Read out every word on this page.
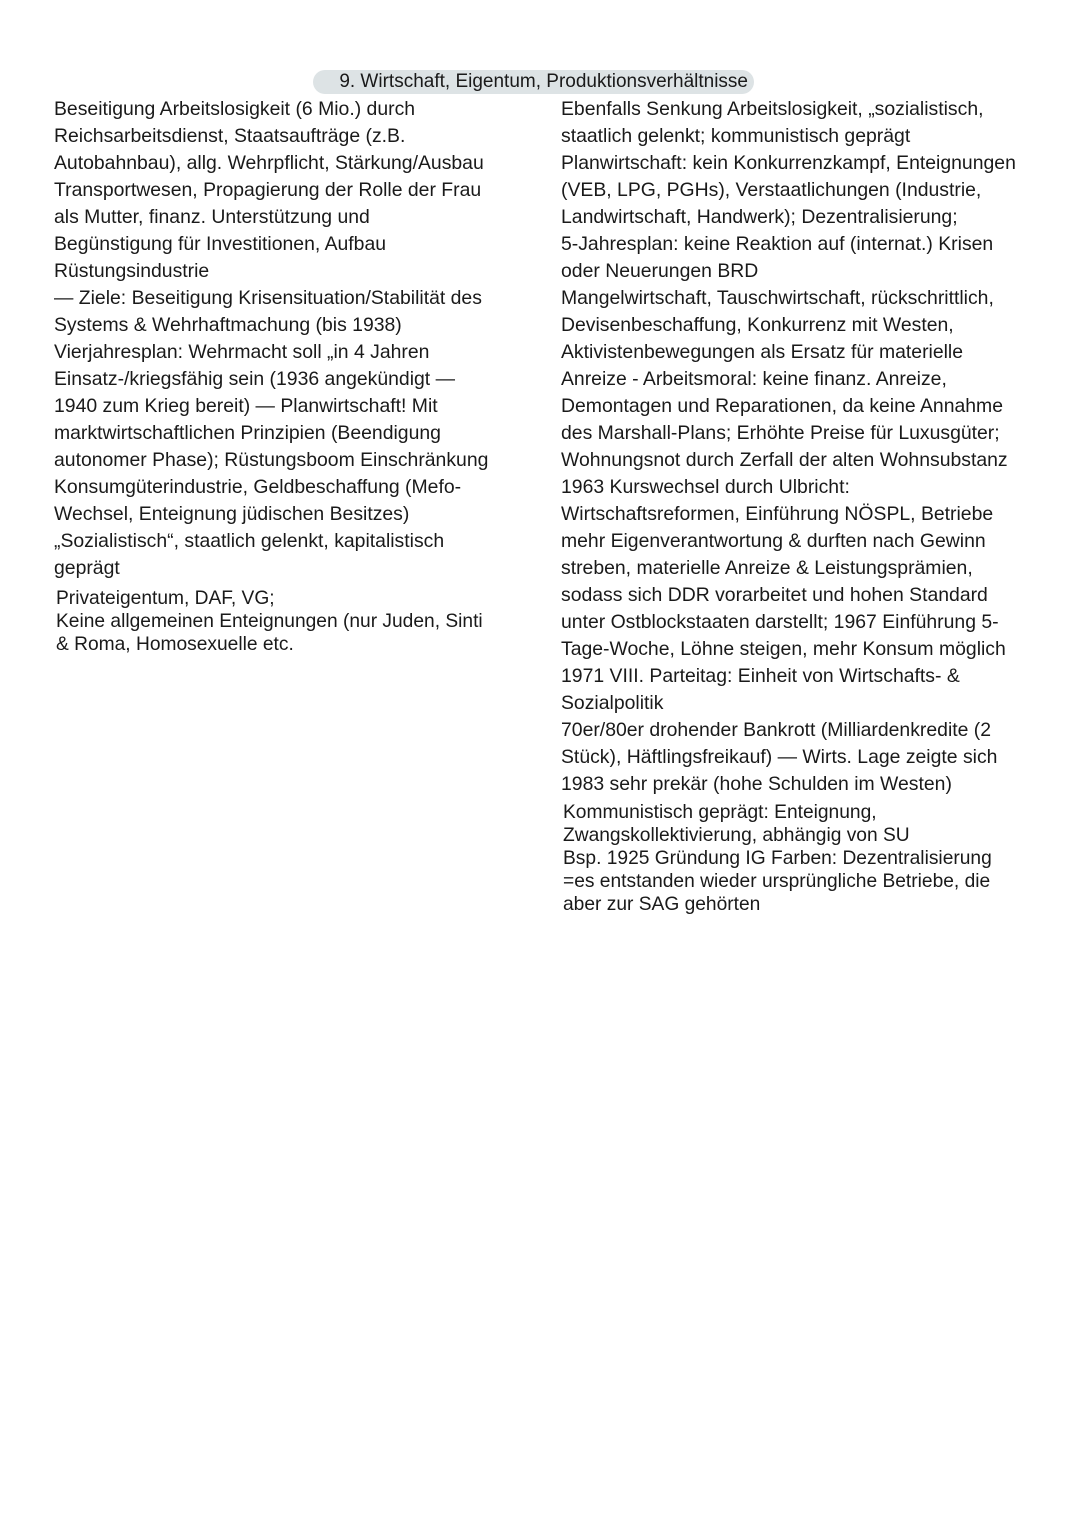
9. Wirtschaft, Eigentum, Produktionsverhältnisse
Beseitigung Arbeitslosigkeit (6 Mio.) durch
Reichsarbeitsdienst, Staatsaufträge (z.B.
Autobahnbau), allg. Wehrpflicht, Stärkung/Ausbau
Transportwesen, Propagierung der Rolle der Frau
als Mutter, finanz. Unterstützung und
Begünstigung für Investitionen, Aufbau
Rüstungsindustrie
— Ziele: Beseitigung Krisensituation/Stabilität des
Systems & Wehrhaftmachung (bis 1938)
Vierjahresplan: Wehrmacht soll „in 4 Jahren
Einsatz-/kriegsfähig sein (1936 angekündigt —
1940 zum Krieg bereit) — Planwirtschaft! Mit
marktwirtschaftlichen Prinzipien (Beendigung
autonomer Phase); Rüstungsboom Einschränkung
Konsumgüterindustrie, Geldbeschaffung (Mefo-
Wechsel, Enteignung jüdischen Besitzes)
„Sozialistisch“, staatlich gelenkt, kapitalistisch
geprägt
Privateigentum, DAF, VG;
Keine allgemeinen Enteignungen (nur Juden, Sinti
& Roma, Homosexuelle etc.
Ebenfalls Senkung Arbeitslosigkeit, „sozialistisch,
staatlich gelenkt; kommunistisch geprägt
Planwirtschaft: kein Konkurrenzkampf, Enteignungen
(VEB, LPG, PGHs), Verstaatlichungen (Industrie,
Landwirtschaft, Handwerk); Dezentralisierung;
5-Jahresplan: keine Reaktion auf (internat.) Krisen
oder Neuerungen BRD
Mangelwirtschaft, Tauschwirtschaft, rückschrittlich,
Devisenbeschaffung, Konkurrenz mit Westen,
Aktivistenbewegungen als Ersatz für materielle
Anreize - Arbeitsmoral: keine finanz. Anreize,
Demontagen und Reparationen, da keine Annahme
des Marshall-Plans; Erhöhte Preise für Luxusgüter;
Wohnungsnot durch Zerfall der alten Wohnsubstanz
1963 Kurswechsel durch Ulbricht:
Wirtschaftsreformen, Einführung NÖSPL, Betriebe
mehr Eigenverantwortung & durften nach Gewinn
streben, materielle Anreize & Leistungsprämien,
sodass sich DDR vorarbeitet und hohen Standard
unter Ostblockstaaten darstellt; 1967 Einführung 5-
Tage-Woche, Löhne steigen, mehr Konsum möglich
1971 VIII. Parteitag: Einheit von Wirtschafts- &
Sozialpolitik
70er/80er drohender Bankrott (Milliardenkredite (2
Stück), Häftlingsfreikauf) — Wirts. Lage zeigte sich
1983 sehr prekär (hohe Schulden im Westen)
Kommunistisch geprägt: Enteignung,
Zwangskollektivierung, abhängig von SU
Bsp. 1925 Gründung IG Farben: Dezentralisierung
=es entstanden wieder ursprüngliche Betriebe, die
aber zur SAG gehörten
